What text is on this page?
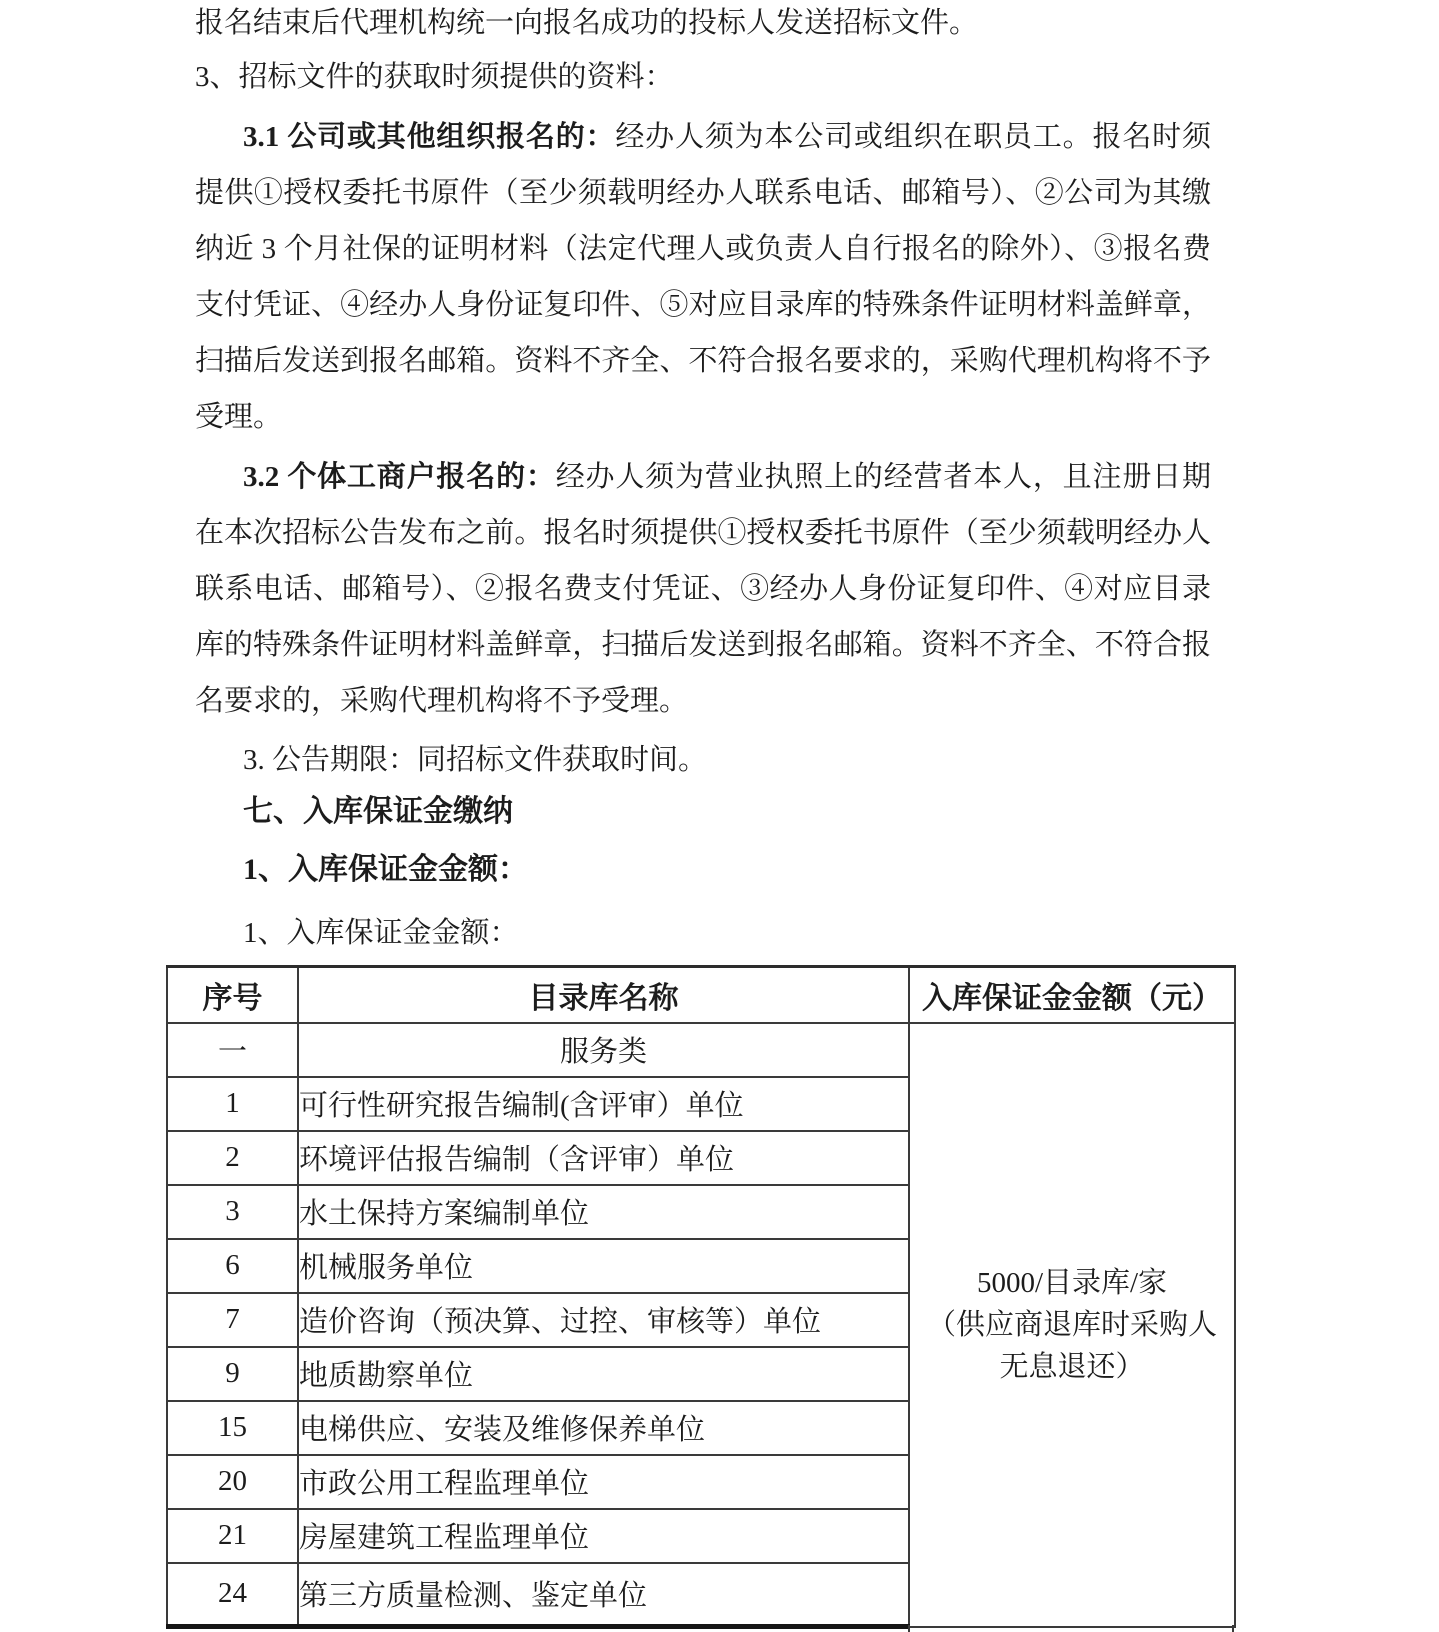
报名结束后代理机构统一向报名成功的投标人发送招标文件。

3、招标文件的获取时须提供的资料：

3.1 公司或其他组织报名的：经办人须为本公司或组织在职员工。报名时须提供①授权委托书原件（至少须载明经办人联系电话、邮箱号）、②公司为其缴纳近 3 个月社保的证明材料（法定代理人或负责人自行报名的除外）、③报名费支付凭证、④经办人身份证复印件、⑤对应目录库的特殊条件证明材料盖鲜章，扫描后发送到报名邮箱。资料不齐全、不符合报名要求的，采购代理机构将不予受理。

3.2 个体工商户报名的：经办人须为营业执照上的经营者本人，且注册日期在本次招标公告发布之前。报名时须提供①授权委托书原件（至少须载明经办人联系电话、邮箱号）、②报名费支付凭证、③经办人身份证复印件、④对应目录库的特殊条件证明材料盖鲜章，扫描后发送到报名邮箱。资料不齐全、不符合报名要求的，采购代理机构将不予受理。

3. 公告期限：同招标文件获取时间。

七、入库保证金缴纳

1、入库保证金金额：

1、入库保证金金额：

序号	目录库名称	入库保证金金额（元）
一	服务类	5000/目录库/家
（供应商退库时采购人
无息退还）

1	可行性研究报告编制(含评审）单位	
2	环境评估报告编制（含评审）单位	
3	水土保持方案编制单位	
6	机械服务单位	
7	造价咨询（预决算、过控、审核等）单位	
9	地质勘察单位	
15	电梯供应、安装及维修保养单位	
20	市政公用工程监理单位	
21	房屋建筑工程监理单位	
24	第三方质量检测、鉴定单位	
